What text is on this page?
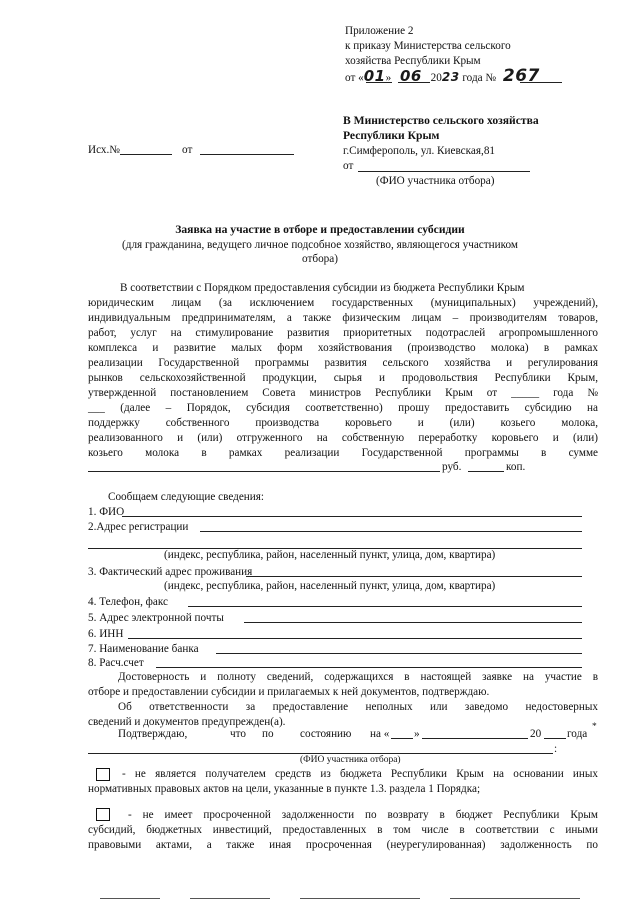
Приложение 2
к приказу Министерства сельского
хозяйства Республики Крым
от «01» 06 2023 года № 267
Исх.№	от
В Министерство сельского хозяйства
Республики Крым
г.Симферополь, ул. Киевская,81
от
(ФИО участника отбора)
Заявка на участие в отборе и предоставлении субсидии
(для гражданина, ведущего личное подсобное хозяйство, являющегося участником
отбора)
В соответствии с Порядком предоставления субсидии из бюджета Республики Крым
юридическим лицам (за исключением государственных (муниципальных) учреждений),
индивидуальным предпринимателям, а также физическим лицам – производителям товаров,
работ, услуг на стимулирование развития приоритетных подотраслей агропромышленного
комплекса и развитие малых форм хозяйствования (производство молока) в рамках
реализации Государственной программы развития сельского хозяйства и регулирования
рынков сельскохозяйственной продукции, сырья и продовольствия Республики Крым,
утвержденной постановлением Совета министров Республики Крым от _____ года №
___ (далее – Порядок, субсидия соответственно) прошу предоставить субсидию на
поддержку собственного производства коровьего и (или) козьего молока,
реализованного и (или) отгруженного на собственную переработку коровьего и (или)
козьего молока в рамках реализации Государственной программы в сумме
руб.	коп.
Сообщаем следующие сведения:
1. ФИО
2.Адрес регистрации
(индекс, республика, район, населенный пункт, улица, дом, квартира)
3. Фактический адрес проживания
(индекс, республика, район, населенный пункт, улица, дом, квартира)
4. Телефон, факс
5. Адрес электронной почты
6. ИНН
7. Наименование банка
8. Расч.счет
Достоверность и полноту сведений, содержащихся в настоящей заявке на участие в
отборе и предоставлении субсидии и прилагаемых к ней документов, подтверждаю.
Об ответственности за предоставление неполных или заведомо недостоверных
сведений и документов предупрежден(а).
Подтверждаю,	что по состоянию на « »	20 года
*
:
(ФИО участника отбора)
- не является получателем средств из бюджета Республики Крым на основании иных
нормативных правовых актов на цели, указанные в пункте 1.3. раздела 1 Порядка;
- не имеет просроченной задолженности по возврату в бюджет Республики Крым
субсидий, бюджетных инвестиций, предоставленных в том числе в соответствии с иными
правовыми актами, а также иная просроченная (неурегулированная) задолженность по
